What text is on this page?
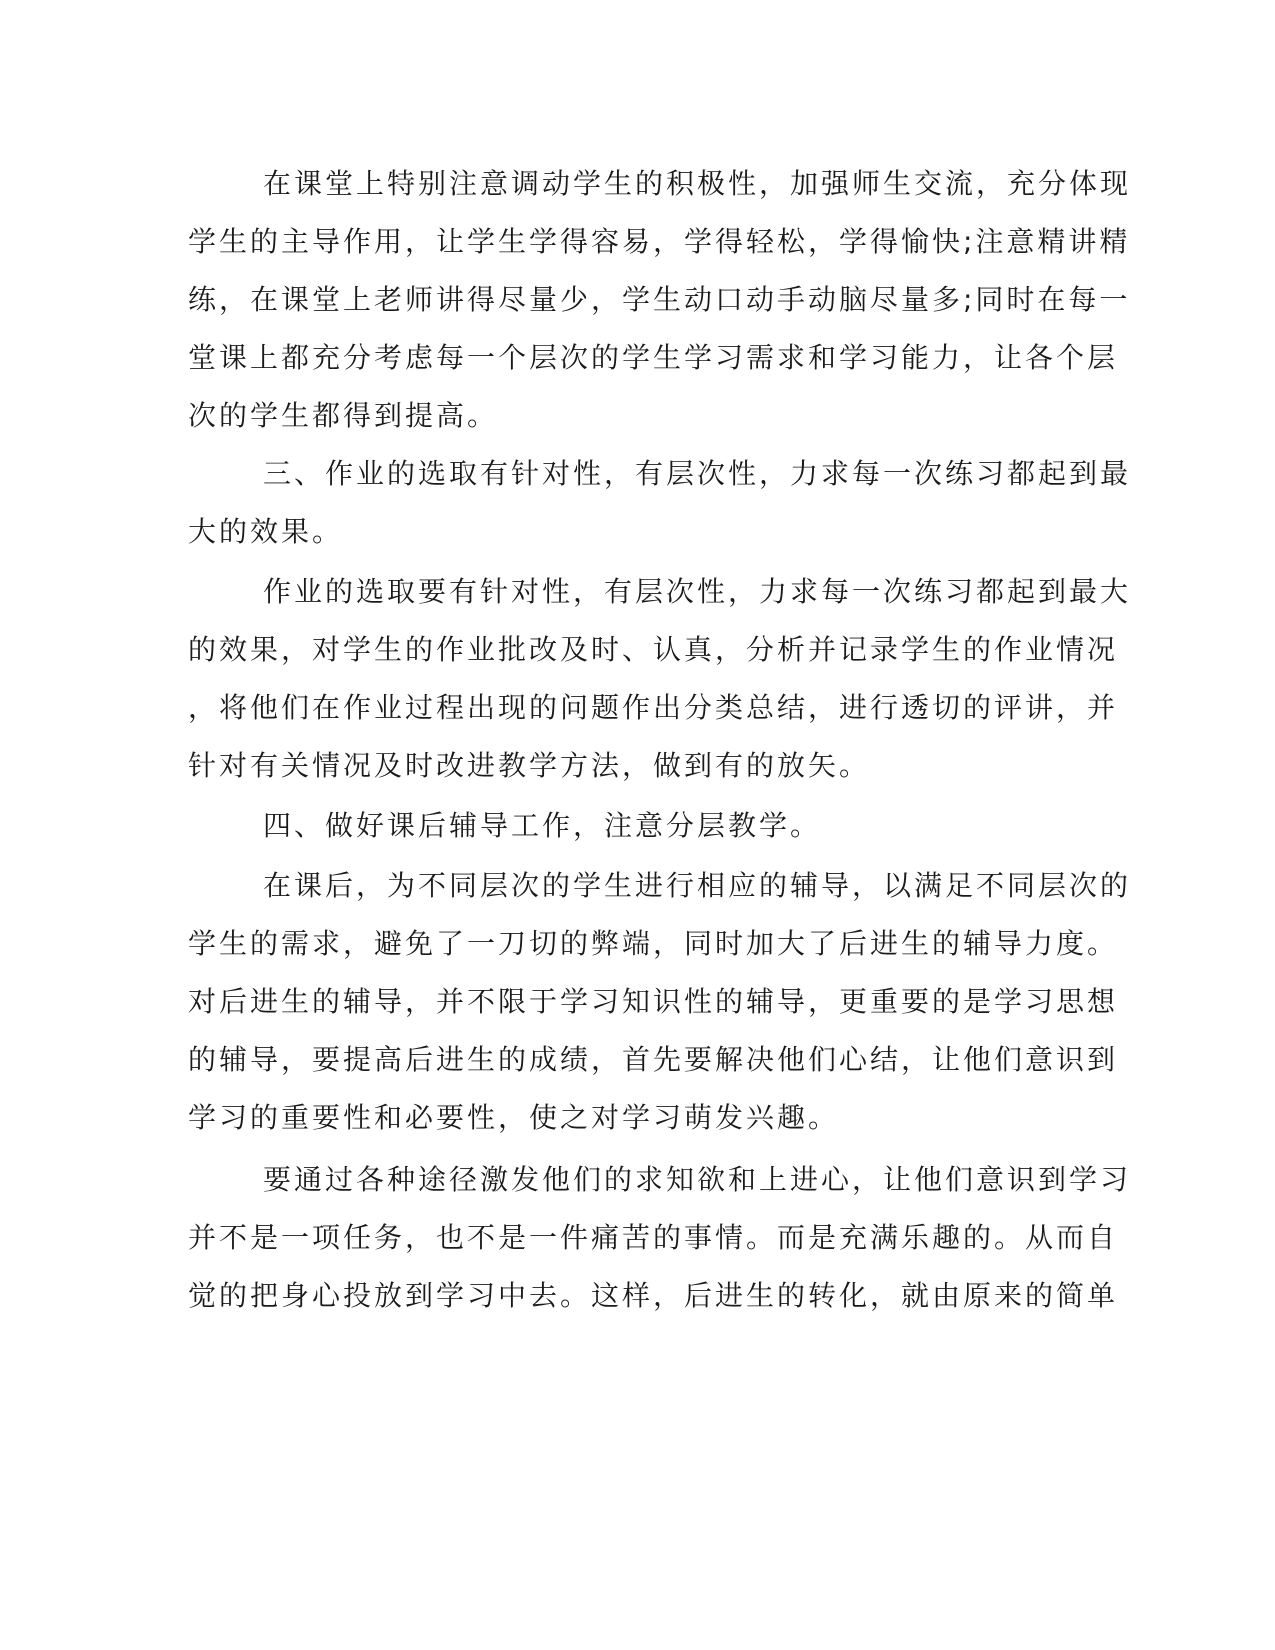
在课堂上特别注意调动学生的积极性，加强师生交流，充分体现
学生的主导作用，让学生学得容易，学得轻松，学得愉快;注意精讲精
练，在课堂上老师讲得尽量少，学生动口动手动脑尽量多;同时在每一
堂课上都充分考虑每一个层次的学生学习需求和学习能力，让各个层
次的学生都得到提高。
三、作业的选取有针对性，有层次性，力求每一次练习都起到最
大的效果。
作业的选取要有针对性，有层次性，力求每一次练习都起到最大
的效果，对学生的作业批改及时、认真，分析并记录学生的作业情况
，将他们在作业过程出现的问题作出分类总结，进行透切的评讲，并
针对有关情况及时改进教学方法，做到有的放矢。
四、做好课后辅导工作，注意分层教学。
在课后，为不同层次的学生进行相应的辅导，以满足不同层次的
学生的需求，避免了一刀切的弊端，同时加大了后进生的辅导力度。
对后进生的辅导，并不限于学习知识性的辅导，更重要的是学习思想
的辅导，要提高后进生的成绩，首先要解决他们心结，让他们意识到
学习的重要性和必要性，使之对学习萌发兴趣。
要通过各种途径激发他们的求知欲和上进心，让他们意识到学习
并不是一项任务，也不是一件痛苦的事情。而是充满乐趣的。从而自
觉的把身心投放到学习中去。这样，后进生的转化，就由原来的简单
